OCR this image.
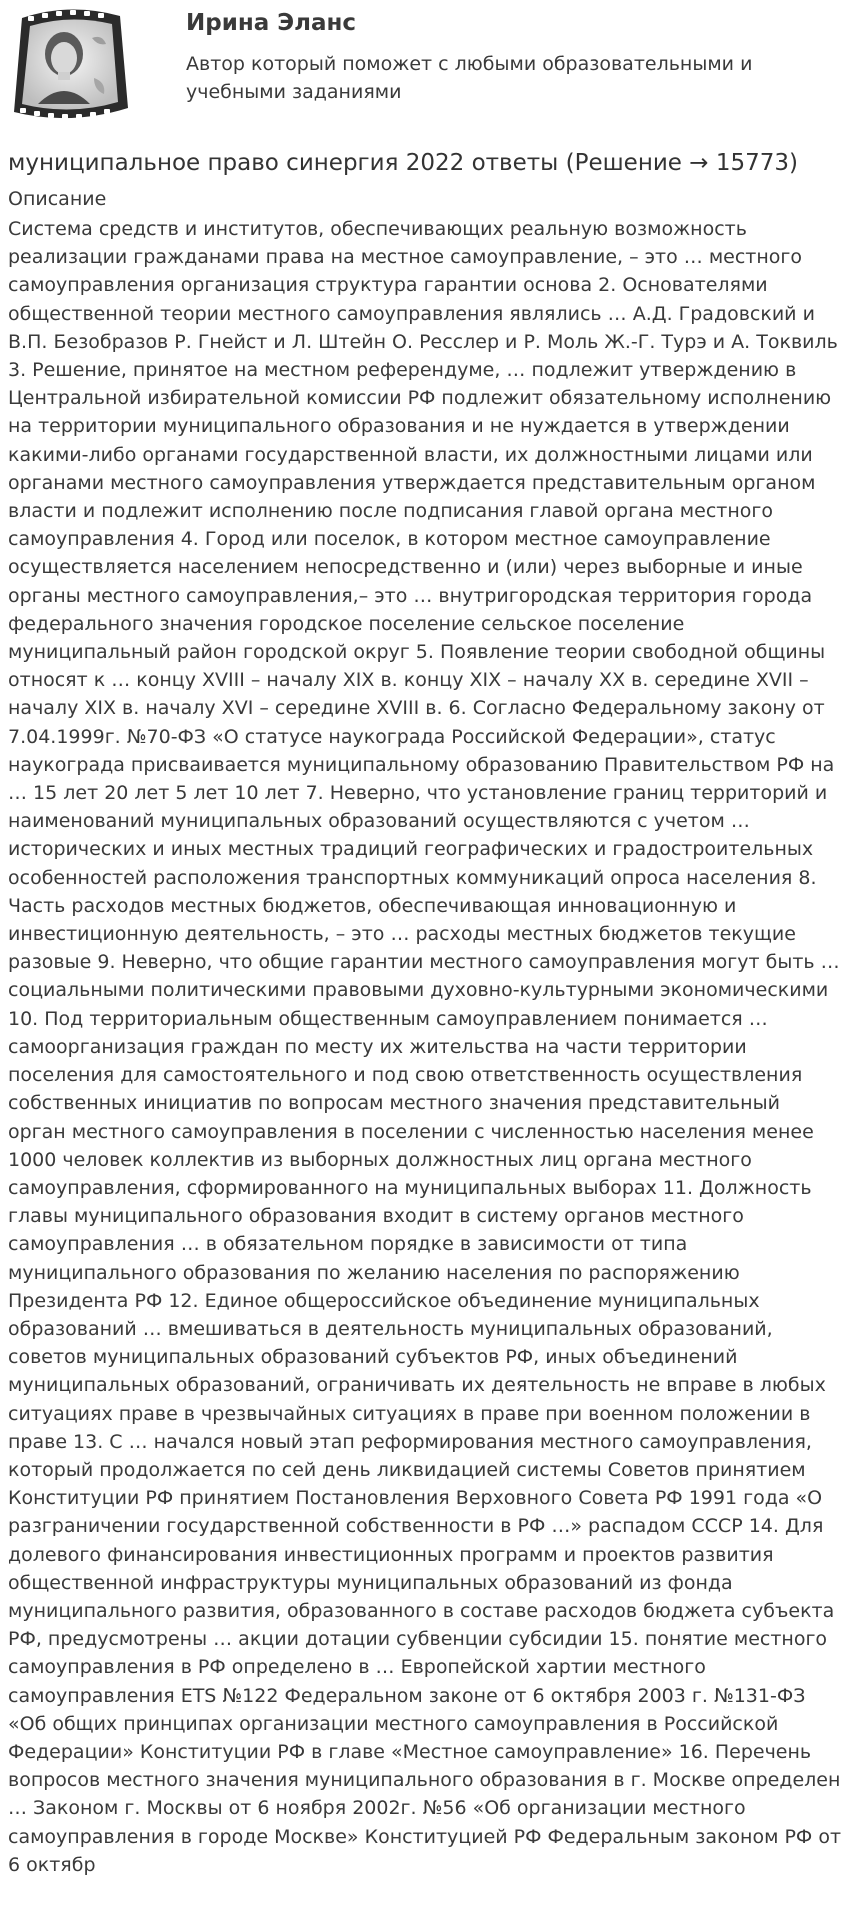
Ирина Эланс
Автор который поможет с любыми образовательными и учебными заданиями
муниципальное право синергия 2022 ответы (Решение → 15773)
Описание

Система средств и институтов, обеспечивающих реальную возможность реализации гражданами права на местное самоуправление, – это … местного самоуправления организация структура гарантии основа 2. Основателями общественной теории местного самоуправления являлись … А.Д. Градовский и В.П. Безобразов Р. Гнейст и Л. Штейн О. Ресслер и Р. Моль Ж.-Г. Турэ и А. Токвиль 3. Решение, принятое на местном референдуме, … подлежит утверждению в Центральной избирательной комиссии РФ подлежит обязательному исполнению на территории муниципального образования и не нуждается в утверждении какими-либо органами государственной власти, их должностными лицами или органами местного самоуправления утверждается представительным органом власти и подлежит исполнению после подписания главой органа местного самоуправления 4. Город или поселок, в котором местное самоуправление осуществляется населением непосредственно и (или) через выборные и иные органы местного самоуправления,– это … внутригородская территория города федерального значения городское поселение сельское поселение муниципальный район городской округ 5. Появление теории свободной общины относят к … концу XVIII – началу XIX в. концу XIX – началу XX в. середине XVII – началу XIX в. началу XVI – середине XVIII в. 6. Согласно Федеральному закону от 7.04.1999г. №70-ФЗ «О статусе наукограда Российской Федерации», статус наукограда присваивается муниципальному образованию Правительством РФ на … 15 лет 20 лет 5 лет 10 лет 7. Неверно, что установление границ территорий и наименований муниципальных образований осуществляются с учетом … исторических и иных местных традиций географических и градостроительных особенностей расположения транспортных коммуникаций опроса населения 8. Часть расходов местных бюджетов, обеспечивающая инновационную и инвестиционную деятельность, – это … расходы местных бюджетов текущие разовые 9. Неверно, что общие гарантии местного самоуправления могут быть … социальными политическими правовыми духовно-культурными экономическими 10. Под территориальным общественным самоуправлением понимается … самоорганизация граждан по месту их жительства на части территории поселения для самостоятельного и под свою ответственность осуществления собственных инициатив по вопросам местного значения представительный орган местного самоуправления в поселении с численностью населения менее 1000 человек коллектив из выборных должностных лиц органа местного самоуправления, сформированного на муниципальных выборах 11. Должность главы муниципального образования входит в систему органов местного самоуправления … в обязательном порядке в зависимости от типа муниципального образования по желанию населения по распоряжению Президента РФ 12. Единое общероссийское объединение муниципальных образований … вмешиваться в деятельность муниципальных образований, советов муниципальных образований субъектов РФ, иных объединений муниципальных образований, ограничивать их деятельность не вправе в любых ситуациях праве в чрезвычайных ситуациях в праве при военном положении в праве 13. С … начался новый этап реформирования местного самоуправления, который продолжается по сей день ликвидацией системы Советов принятием Конституции РФ принятием Постановления Верховного Совета РФ 1991 года «О разграничении государственной собственности в РФ …» распадом СССР 14. Для долевого финансирования инвестиционных программ и проектов развития общественной инфраструктуры муниципальных образований из фонда муниципального развития, образованного в составе расходов бюджета субъекта РФ, предусмотрены … акции дотации субвенции субсидии 15. понятие местного самоуправления в РФ определено в … Европейской хартии местного самоуправления ETS №122 Федеральном законе от 6 октября 2003 г. №131-ФЗ «Об общих принципах организации местного самоуправления в Российской Федерации» Конституции РФ в главе «Местное самоуправление» 16. Перечень вопросов местного значения муниципального образования в г. Москве определен … Законом г. Москвы от 6 ноября 2002г. №56 «Об организации местного самоуправления в городе Москве» Конституцией РФ Федеральным законом РФ от 6 октябр
